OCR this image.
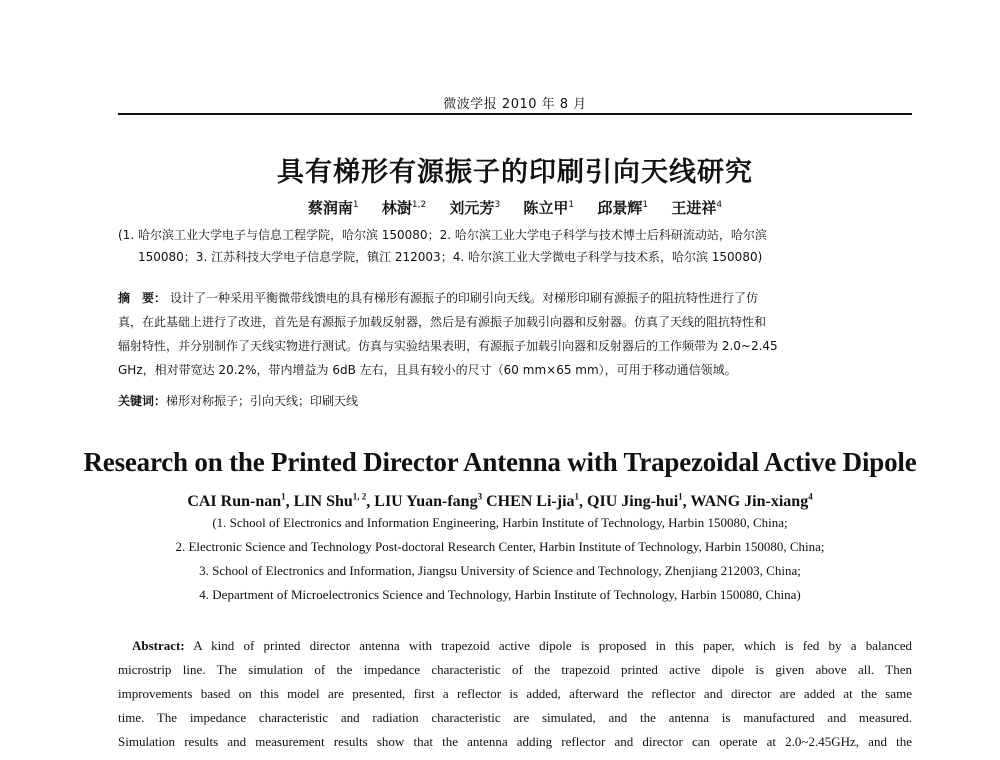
微波学报 2010 年 8 月
具有梯形有源振子的印刷引向天线研究
蔡润南$^1$ 林澍$^{1,2}$ 刘元芳$^3$ 陈立甲$^1$ 邱景辉$^1$ 王进祥$^4$
(1. 哈尔滨工业大学电子与信息工程学院，哈尔滨 150080；2. 哈尔滨工业大学电子科学与技术博士后科研流动站，哈尔滨
150080；3. 江苏科技大学电子信息学院，镇江 212003；4. 哈尔滨工业大学微电子科学与技术系，哈尔滨 150080)
摘　要： 设计了一种采用平衡微带线馈电的具有梯形有源振子的印刷引向天线。对梯形印刷有源振子的阻抗特性进行了仿
真，在此基础上进行了改进，首先是有源振子加载反射器，然后是有源振子加载引向器和反射器。仿真了天线的阻抗特性和
辐射特性，并分别制作了天线实物进行测试。仿真与实验结果表明，有源振子加载引向器和反射器后的工作频带为 2.0~2.45
GHz，相对带宽达 20.2%，带内增益为 6dB 左右，且具有较小的尺寸（60 mm×65 mm），可用于移动通信领域。
关键词：梯形对称振子；引向天线；印刷天线
Research on the Printed Director Antenna with Trapezoidal Active Dipole
CAI Run-nan$^1$, LIN Shu$^{1, 2}$, LIU Yuan-fang$^3$ CHEN Li-jia$^1$, QIU Jing-hui$^1$, WANG Jin-xiang$^4$
(1. School of Electronics and Information Engineering, Harbin Institute of Technology, Harbin 150080, China;
2. Electronic Science and Technology Post-doctoral Research Center, Harbin Institute of Technology, Harbin 150080, China;
3. School of Electronics and Information, Jiangsu University of Science and Technology, Zhenjiang 212003, China;
4. Department of Microelectronics Science and Technology, Harbin Institute of Technology, Harbin 150080, China)
Abstract: A kind of printed director antenna with trapezoid active dipole is proposed in this paper, which is fed by a balanced
microstrip line. The simulation of the impedance characteristic of the trapezoid printed active dipole is given above all. Then
improvements based on this model are presented, first a reflector is added, afterward the reflector and director are added at the same
time. The impedance characteristic and radiation characteristic are simulated, and the antenna is manufactured and measured.
Simulation results and measurement results show that the antenna adding reflector and director can operate at 2.0~2.45GHz, and the
